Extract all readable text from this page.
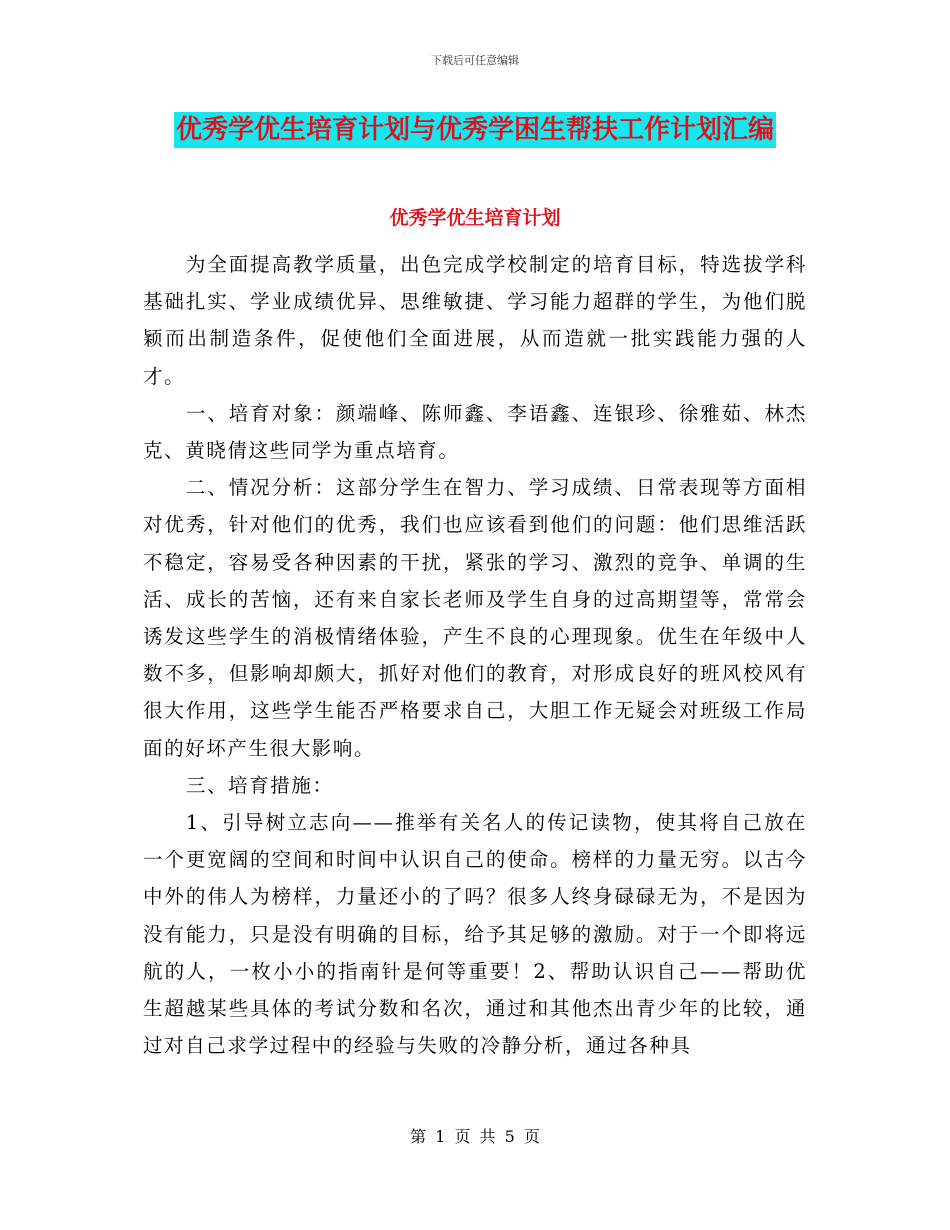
下载后可任意编辑
优秀学优生培育计划与优秀学困生帮扶工作计划汇编
优秀学优生培育计划

为全面提高教学质量，出色完成学校制定的培育目标，特选拔学科基础扎实、学业成绩优异、思维敏捷、学习能力超群的学生，为他们脱颖而出制造条件，促使他们全面进展，从而造就一批实践能力强的人才。

一、培育对象：颜端峰、陈师鑫、李语鑫、连银珍、徐雅茹、林杰克、黄晓倩这些同学为重点培育。

二、情况分析：这部分学生在智力、学习成绩、日常表现等方面相对优秀，针对他们的优秀，我们也应该看到他们的问题：他们思维活跃不稳定，容易受各种因素的干扰，紧张的学习、激烈的竞争、单调的生活、成长的苦恼，还有来自家长老师及学生自身的过高期望等，常常会诱发这些学生的消极情绪体验，产生不良的心理现象。优生在年级中人数不多，但影响却颇大，抓好对他们的教育，对形成良好的班风校风有很大作用，这些学生能否严格要求自己，大胆工作无疑会对班级工作局面的好坏产生很大影响。

三、培育措施：

1、引导树立志向——推举有关名人的传记读物，使其将自己放在一个更宽阔的空间和时间中认识自己的使命。榜样的力量无穷。以古今中外的伟人为榜样，力量还小的了吗？很多人终身碌碌无为，不是因为没有能力，只是没有明确的目标，给予其足够的激励。对于一个即将远航的人，一枚小小的指南针是何等重要！2、帮助认识自己——帮助优生超越某些具体的考试分数和名次，通过和其他杰出青少年的比较，通过对自己求学过程中的经验与失败的冷静分析，通过各种具

第 1 页 共 5 页
